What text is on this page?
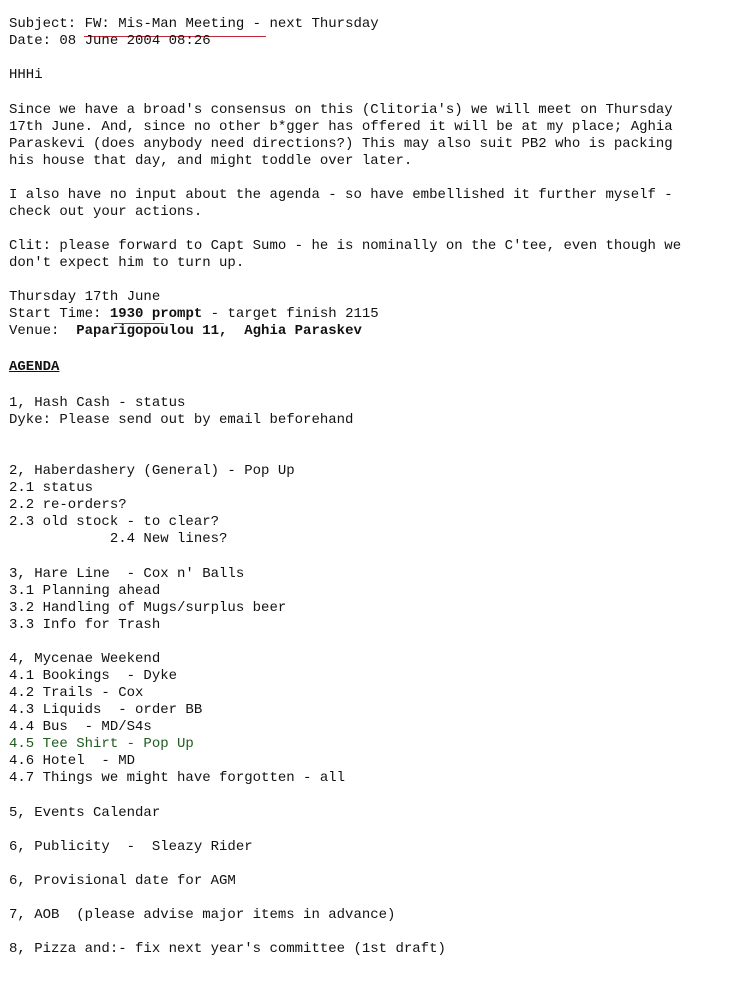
Subject: FW: Mis-Man Meeting - next Thursday
Date: 08 June 2004 08:26
HHHi
Since we have a broad's consensus on this (Clitoria's) we will meet on Thursday
17th June. And, since no other b*gger has offered it will be at my place; Aghia
Paraskevi (does anybody need directions?) This may also suit PB2 who is packing
his house that day, and might toddle over later.
I also have no input about the agenda - so have embellished it further myself -
check out your actions.
Clit: please forward to Capt Sumo - he is nominally on the C'tee, even though we
don't expect him to turn up.
Thursday 17th June
Start Time: 1930 prompt - target finish 2115
Venue:  Paparigopoulou 11,  Aghia Paraskev
AGENDA
1, Hash Cash - status
Dyke: Please send out by email beforehand
2, Haberdashery (General) - Pop Up
2.1 status
2.2 re-orders?
2.3 old stock - to clear?
2.4 New lines?
3, Hare Line  - Cox n' Balls
3.1 Planning ahead
3.2 Handling of Mugs/surplus beer
3.3 Info for Trash
4, Mycenae Weekend
4.1 Bookings  - Dyke
4.2 Trails - Cox
4.3 Liquids  - order BB
4.4 Bus  - MD/S4s
4.5 Tee Shirt - Pop Up
4.6 Hotel  - MD
4.7 Things we might have forgotten - all
5, Events Calendar
6, Publicity  -  Sleazy Rider
6, Provisional date for AGM
7, AOB  (please advise major items in advance)
8, Pizza and:- fix next year's committee (1st draft)
